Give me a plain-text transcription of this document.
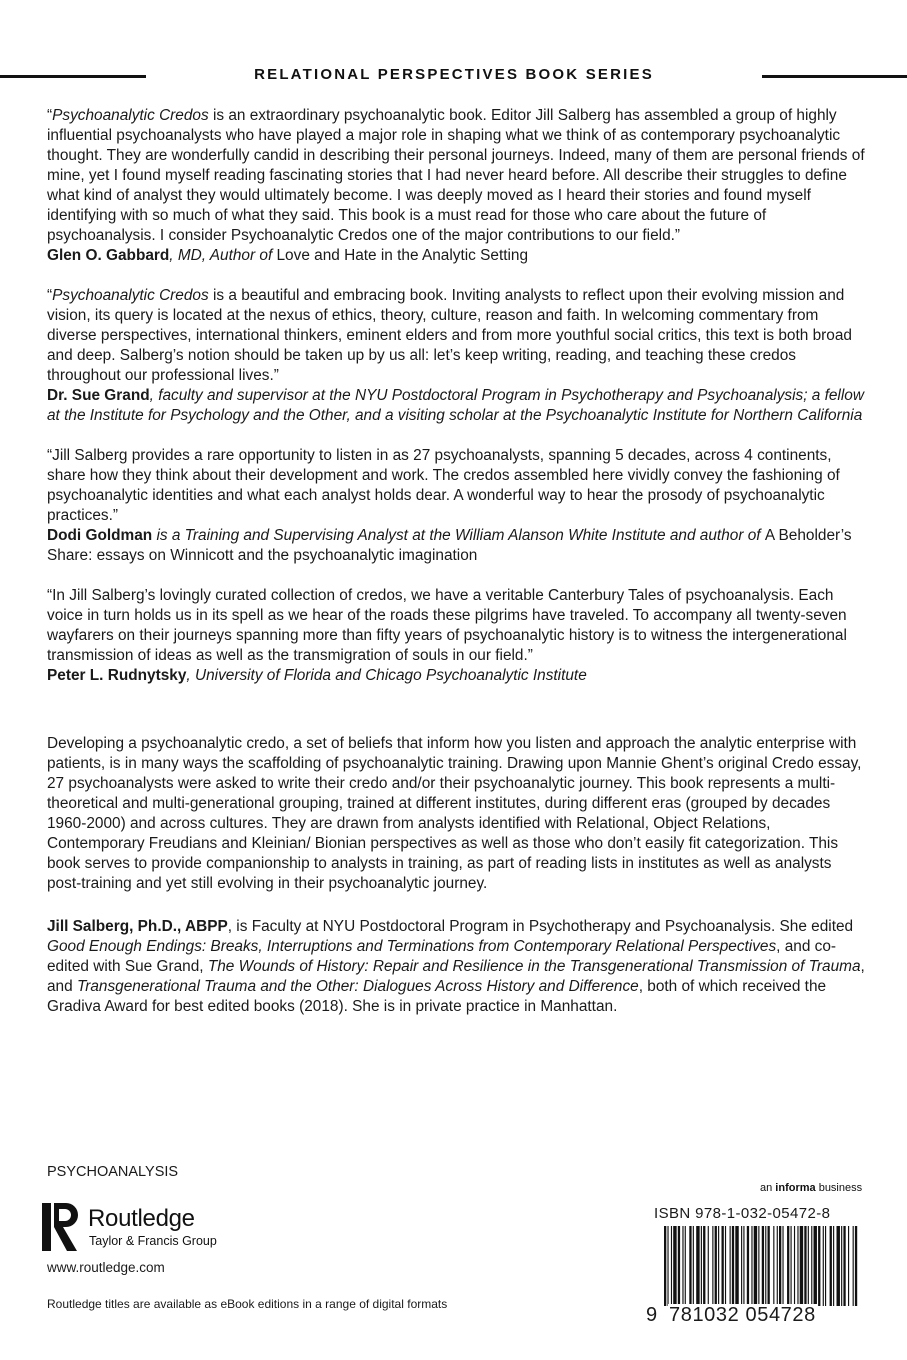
RELATIONAL PERSPECTIVES BOOK SERIES

“Psychoanalytic Credos is an extraordinary psychoanalytic book. Editor Jill Salberg has assembled a group of highly influential psychoanalysts who have played a major role in shaping what we think of as contemporary psychoanalytic thought. They are wonderfully candid in describing their personal journeys. Indeed, many of them are personal friends of mine, yet I found myself reading fascinating stories that I had never heard before. All describe their struggles to define what kind of analyst they would ultimately become. I was deeply moved as I heard their stories and found myself identifying with so much of what they said. This book is a must read for those who care about the future of psychoanalysis. I consider Psychoanalytic Credos one of the major contributions to our field.”

Glen O. Gabbard, MD, Author of Love and Hate in the Analytic Setting

“Psychoanalytic Credos is a beautiful and embracing book. Inviting analysts to reflect upon their evolving mission and vision, its query is located at the nexus of ethics, theory, culture, reason and faith. In welcoming commentary from diverse perspectives, international thinkers, eminent elders and from more youthful social critics, this text is both broad and deep. Salberg’s notion should be taken up by us all: let’s keep writing, reading, and teaching these credos throughout our professional lives.”

Dr. Sue Grand, faculty and supervisor at the NYU Postdoctoral Program in Psychotherapy and Psychoanalysis; a fellow at the Institute for Psychology and the Other, and a visiting scholar at the Psychoanalytic Institute for Northern California

“Jill Salberg provides a rare opportunity to listen in as 27 psychoanalysts, spanning 5 decades, across 4 continents, share how they think about their development and work. The credos assembled here vividly convey the fashioning of psychoanalytic identities and what each analyst holds dear. A wonderful way to hear the prosody of psychoanalytic practices.”

Dodi Goldman is a Training and Supervising Analyst at the William Alanson White Institute and author of A Beholder’s Share: essays on Winnicott and the psychoanalytic imagination

“In Jill Salberg’s lovingly curated collection of credos, we have a veritable Canterbury Tales of psychoanalysis. Each voice in turn holds us in its spell as we hear of the roads these pilgrims have traveled. To accompany all twenty-seven wayfarers on their journeys spanning more than fifty years of psychoanalytic history is to witness the intergenerational transmission of ideas as well as the transmigration of souls in our field.”

Peter L. Rudnytsky, University of Florida and Chicago Psychoanalytic Institute

Developing a psychoanalytic credo, a set of beliefs that inform how you listen and approach the analytic enterprise with patients, is in many ways the scaffolding of psychoanalytic training. Drawing upon Mannie Ghent’s original Credo essay, 27 psychoanalysts were asked to write their credo and/or their psychoanalytic journey. This book represents a multi-theoretical and multi-generational grouping, trained at different institutes, during different eras (grouped by decades 1960-2000) and across cultures. They are drawn from analysts identified with Relational, Object Relations, Contemporary Freudians and Kleinian/ Bionian perspectives as well as those who don’t easily fit categorization. This book serves to provide companionship to analysts in training, as part of reading lists in institutes as well as analysts post-training and yet still evolving in their psychoanalytic journey.

Jill Salberg, Ph.D., ABPP, is Faculty at NYU Postdoctoral Program in Psychotherapy and Psychoanalysis. She edited Good Enough Endings: Breaks, Interruptions and Terminations from Contemporary Relational Perspectives, and co-edited with Sue Grand, The Wounds of History: Repair and Resilience in the Transgenerational Transmission of Trauma, and Transgenerational Trauma and the Other: Dialogues Across History and Difference, both of which received the Gradiva Award for best edited books (2018). She is in private practice in Manhattan.

PSYCHOANALYSIS
an informa business
Routledge
Taylor & Francis Group
www.routledge.com
Routledge titles are available as eBook editions in a range of digital formats
ISBN 978-1-032-05472-8
9 781032 054728
